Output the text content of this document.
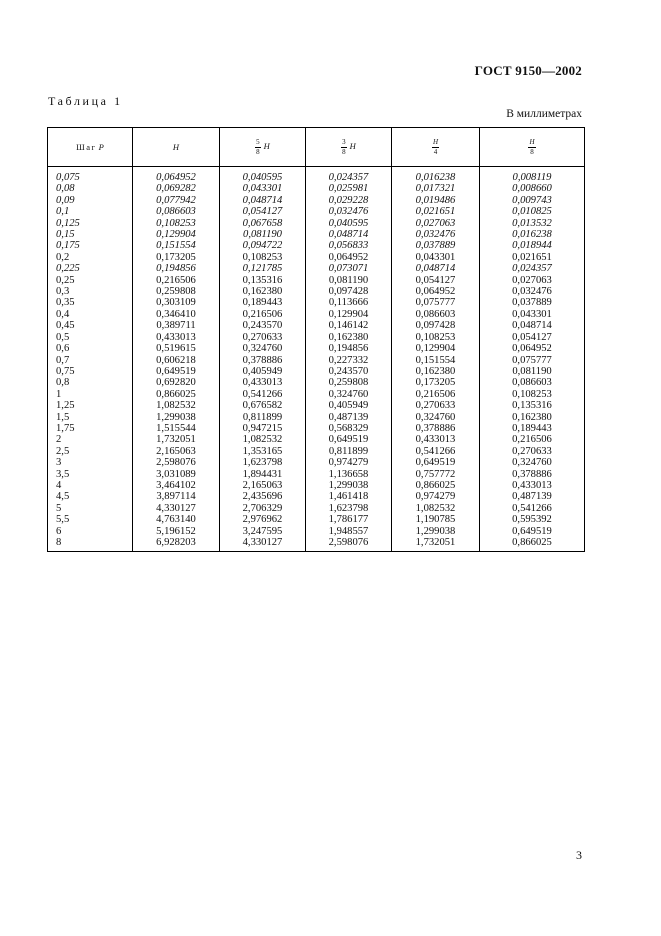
ГОСТ 9150—2002
Таблица 1
В миллиметрах
Шаг P	H	$\frac{5}{8}$ H	$\frac{3}{8}$ H	$\frac{H}{4}$	$\frac{H}{8}$

0,075	0,064952	0,040595	0,024357	0,016238	0,008119
0,08	0,069282	0,043301	0,025981	0,017321	0,008660
0,09	0,077942	0,048714	0,029228	0,019486	0,009743
0,1	0,086603	0,054127	0,032476	0,021651	0,010825
0,125	0,108253	0,067658	0,040595	0,027063	0,013532
0,15	0,129904	0,081190	0,048714	0,032476	0,016238
0,175	0,151554	0,094722	0,056833	0,037889	0,018944
0,2	0,173205	0,108253	0,064952	0,043301	0,021651
0,225	0,194856	0,121785	0,073071	0,048714	0,024357
0,25	0,216506	0,135316	0,081190	0,054127	0,027063
0,3	0,259808	0,162380	0,097428	0,064952	0,032476
0,35	0,303109	0,189443	0,113666	0,075777	0,037889
0,4	0,346410	0,216506	0,129904	0,086603	0,043301
0,45	0,389711	0,243570	0,146142	0,097428	0,048714
0,5	0,433013	0,270633	0,162380	0,108253	0,054127
0,6	0,519615	0,324760	0,194856	0,129904	0,064952
0,7	0,606218	0,378886	0,227332	0,151554	0,075777
0,75	0,649519	0,405949	0,243570	0,162380	0,081190
0,8	0,692820	0,433013	0,259808	0,173205	0,086603
1	0,866025	0,541266	0,324760	0,216506	0,108253
1,25	1,082532	0,676582	0,405949	0,270633	0,135316
1,5	1,299038	0,811899	0,487139	0,324760	0,162380
1,75	1,515544	0,947215	0,568329	0,378886	0,189443
2	1,732051	1,082532	0,649519	0,433013	0,216506
2,5	2,165063	1,353165	0,811899	0,541266	0,270633
3	2,598076	1,623798	0,974279	0,649519	0,324760
3,5	3,031089	1,894431	1,136658	0,757772	0,378886
4	3,464102	2,165063	1,299038	0,866025	0,433013
4,5	3,897114	2,435696	1,461418	0,974279	0,487139
5	4,330127	2,706329	1,623798	1,082532	0,541266
5,5	4,763140	2,976962	1,786177	1,190785	0,595392
6	5,196152	3,247595	1,948557	1,299038	0,649519
8	6,928203	4,330127	2,598076	1,732051	0,866025
3
